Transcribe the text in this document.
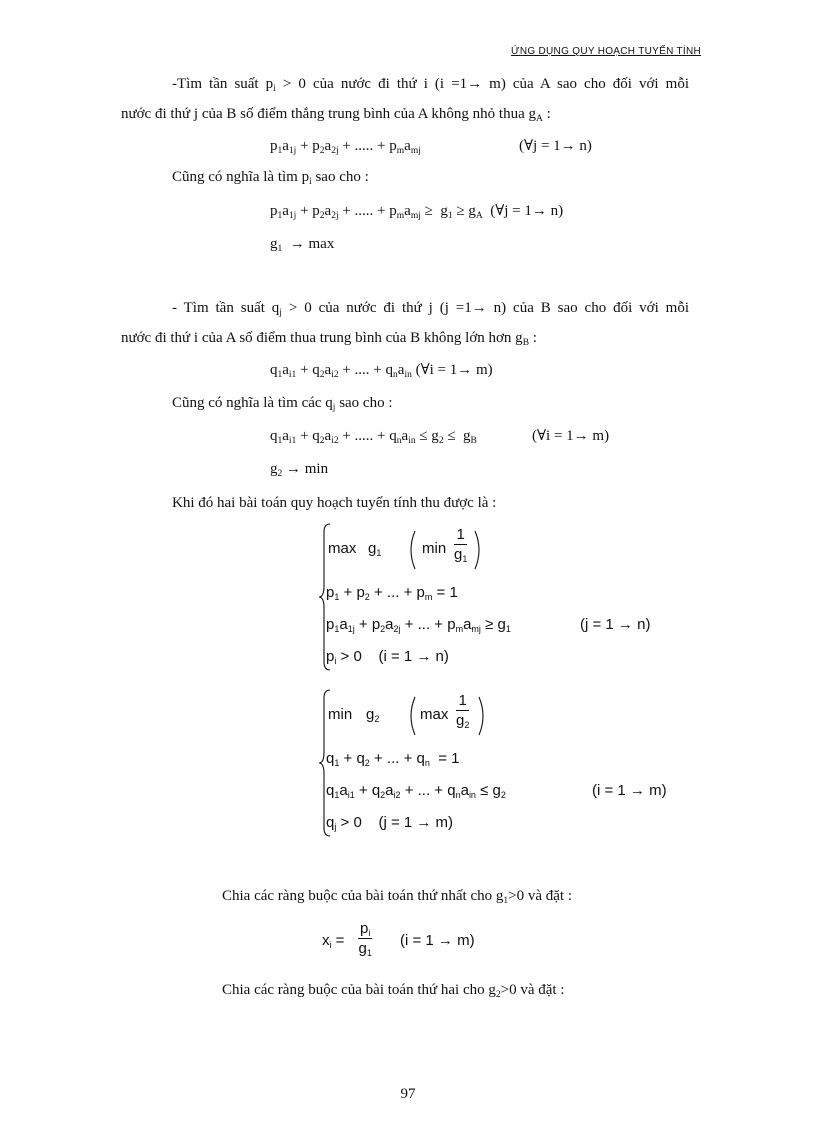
ỨNG DỤNG QUY HOẠCH TUYẾN TÍNH
-Tìm tần suất $p_i > 0$ của nước đi thứ i (i =1→ m) của A sao cho đối với mỗi
nước đi thứ j của B số điểm thắng trung bình của A không nhỏ thua $g_A$ :
$p_1a_{1j} + p_2a_{2j}$ + ..... + $p_ma_{mj}$	(∀j = 1→ n)
Cũng có nghĩa là tìm $p_i$ sao cho :
$p_1a_{1j} + p_2a_{2j}$ + ..... + $p_ma_{mj} \ge g_1 \ge g_A$ (∀j = 1→ n)
$g_1 \to \max$
- Tìm tần suất $q_j > 0$ của nước đi thứ j (j =1→ n) của B sao cho đối với mỗi
nước đi thứ i của A số điểm thua trung bình của B không lớn hơn $g_B$ :
$q_1a_{i1} + q_2a_{i2}$ + .... + $q_na_{in}$ (∀i = 1→ m)
Cũng có nghĩa là tìm các $q_j$ sao cho :
$q_1a_{i1} + q_2a_{i2}$ + ..... + $q_na_{in} \le g_2 \le g_B$	(∀i = 1→ m)
$g_2 \to \min$
Khi đó hai bài toán quy hoạch tuyến tính thu được là :
$\max g_1$	$\min \frac{1}{g_1}$
$p_1 + p_2$ + ... + $p_m = 1$
$p_1a_{1j} + p_2a_{2j}$ + ... + $p_ma_{mj} \ge g_1$	(j = 1 → n)
$p_i > 0$    (i = 1 → n)
$\min g_2$	$\max \frac{1}{g_2}$
$q_1 + q_2$ + ... + $q_n = 1$
$q_1a_{i1} + q_2a_{i2}$ + ... + $q_na_{in} \le g_2$	(i = 1 → m)
$q_j > 0$    (j = 1 → m)
Chia các ràng buộc của bài toán thứ nhất cho $g_1>0$ và đặt :
$x_i = \frac{p_i}{g_1} (i = 1 \to m)$
Chia các ràng buộc của bài toán thứ hai cho $g_2>0$ và đặt :
97
